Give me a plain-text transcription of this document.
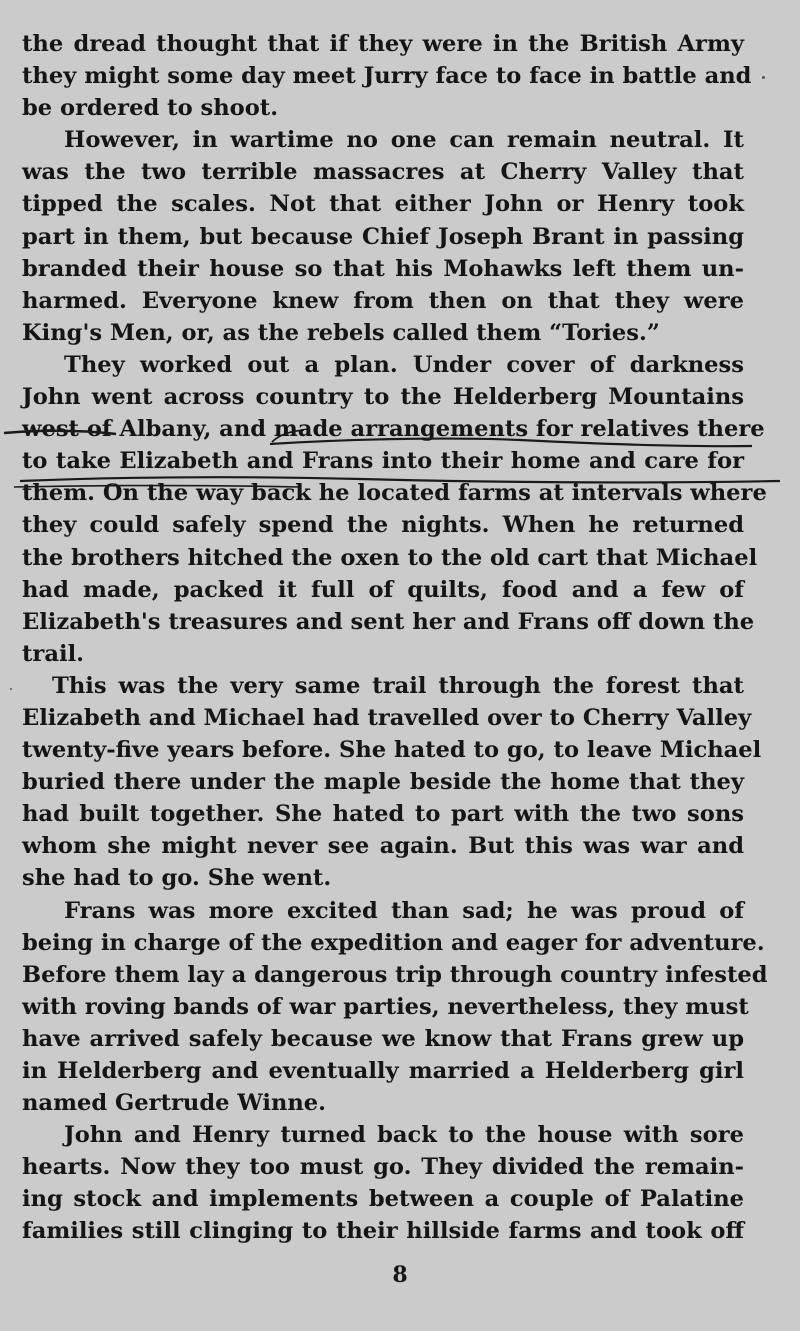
the dread thought that if they were in the British Army
they might some day meet Jurry face to face in battle and
be ordered to shoot.
However, in wartime no one can remain neutral. It
was the two terrible massacres at Cherry Valley that
tipped the scales. Not that either John or Henry took
part in them, but because Chief Joseph Brant in passing
branded their house so that his Mohawks left them un-
harmed. Everyone knew from then on that they were
King's Men, or, as the rebels called them “Tories.”
They worked out a plan. Under cover of darkness
John went across country to the Helderberg Mountains
west of Albany, and made arrangements for relatives there
to take Elizabeth and Frans into their home and care for
them. On the way back he located farms at intervals where
they could safely spend the nights. When he returned
the brothers hitched the oxen to the old cart that Michael
had made, packed it full of quilts, food and a few of
Elizabeth's treasures and sent her and Frans off down the
trail.
This was the very same trail through the forest that
Elizabeth and Michael had travelled over to Cherry Valley
twenty-five years before. She hated to go, to leave Michael
buried there under the maple beside the home that they
had built together. She hated to part with the two sons
whom she might never see again. But this was war and
she had to go. She went.
Frans was more excited than sad; he was proud of
being in charge of the expedition and eager for adventure.
Before them lay a dangerous trip through country infested
with roving bands of war parties, nevertheless, they must
have arrived safely because we know that Frans grew up
in Helderberg and eventually married a Helderberg girl
named Gertrude Winne.
John and Henry turned back to the house with sore
hearts. Now they too must go. They divided the remain-
ing stock and implements between a couple of Palatine
families still clinging to their hillside farms and took off
8
